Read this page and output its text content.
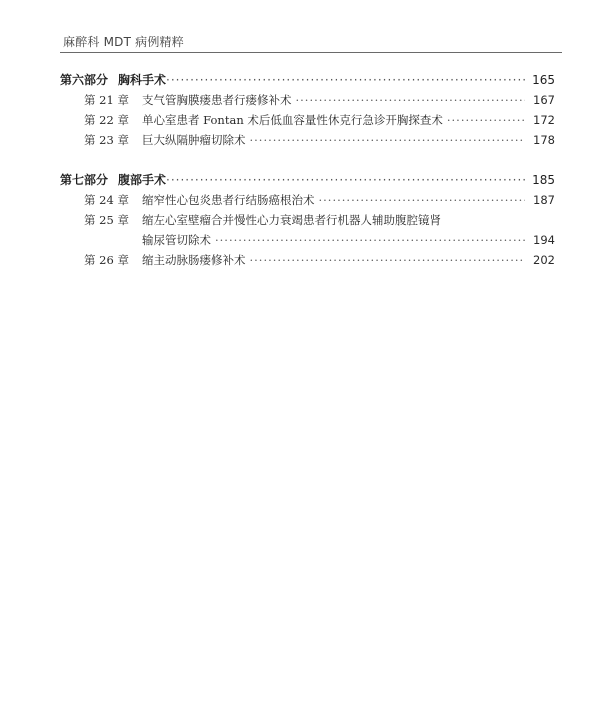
麻醉科 MDT 病例精粹
第六部分 胸科手术 ·····	165
第 21 章	支气管胸膜瘘患者行瘘修补术 ·····	167
第 22 章	单心室患者 Fontan 术后低血容量性休克行急诊开胸探查术 ·····	172
第 23 章	巨大纵隔肿瘤切除术 ·····	178
第七部分 腹部手术 ·····	185
第 24 章	缩窄性心包炎患者行结肠癌根治术 ·····	187
第 25 章	缩左心室壁瘤合并慢性心力衰竭患者行机器人辅助腹腔镜肾
输尿管切除术 ·····	194
第 26 章	缩主动脉肠瘘修补术 ·····	202
